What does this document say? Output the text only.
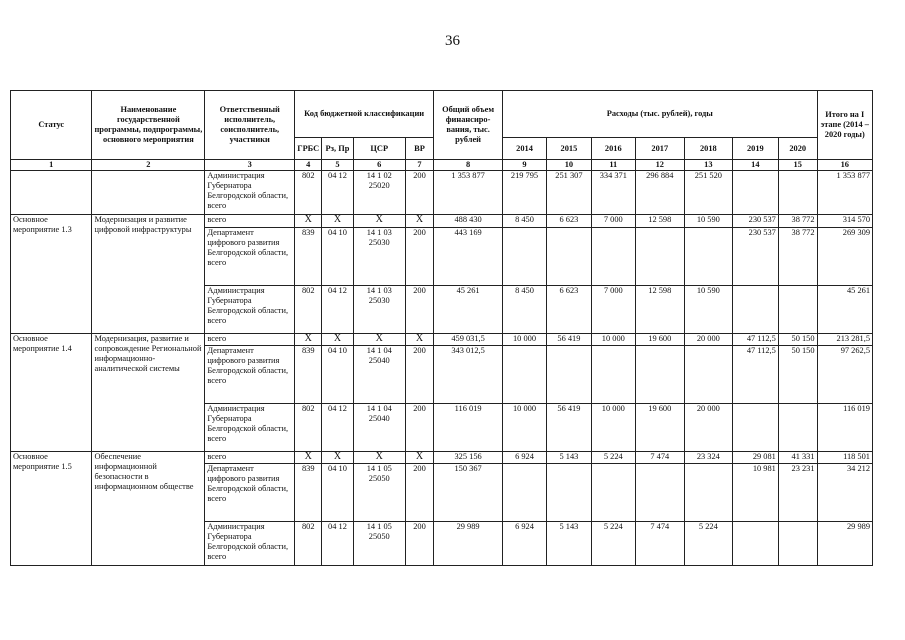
36
Статус	Наименование государственной программы, подпрограммы, основного мероприятия	Ответственный исполнитель, соисполнитель, участники	Код бюджетной классификации				Общий объем финансиро-вания, тыс. рублей	Расходы (тыс. рублей), годы							Итого на I этапе (2014 – 2020 годы)
			ГРБС	Рз, Пр	ЦСР	ВР		2014	2015	2016	2017	2018	2019	2020	
1	2	3	4	5	6	7	8	9	10	11	12	13	14	15	16
		Администрация Губернатора Белгородской области, всего	802	04 12	14 1 02 25020	200	1 353 877	219 795	251 307	334 371	296 884	251 520			1 353 877
Основное мероприятие 1.3	Модернизация и развитие цифровой инфраструктуры	всего	X	X	X	X	488 430	8 450	6 623	7 000	12 598	10 590	230 537	38 772	314 570
		Департамент цифрового развития Белгородской области, всего	839	04 10	14 1 03 25030	200	443 169						230 537	38 772	269 309
		Администрация Губернатора Белгородской области, всего	802	04 12	14 1 03 25030	200	45 261	8 450	6 623	7 000	12 598	10 590			45 261
Основное мероприятие 1.4	Модернизация, развитие и сопровождение Региональной информационно-аналитической системы	всего	X	X	X	X	459 031,5	10 000	56 419	10 000	19 600	20 000	47 112,5	50 150	213 281,5
		Департамент цифрового развития Белгородской области, всего	839	04 10	14 1 04 25040	200	343 012,5						47 112,5	50 150	97 262,5
		Администрация Губернатора Белгородской области, всего	802	04 12	14 1 04 25040	200	116 019	10 000	56 419	10 000	19 600	20 000			116 019
Основное мероприятие 1.5	Обеспечение информационной безопасности в информационном обществе	всего	X	X	X	X	325 156	6 924	5 143	5 224	7 474	23 324	29 081	41 331	118 501
		Департамент цифрового развития Белгородской области, всего	839	04 10	14 1 05 25050	200	150 367						10 981	23 231	34 212
		Администрация Губернатора Белгородской области, всего	802	04 12	14 1 05 25050	200	29 989	6 924	5 143	5 224	7 474	5 224			29 989
